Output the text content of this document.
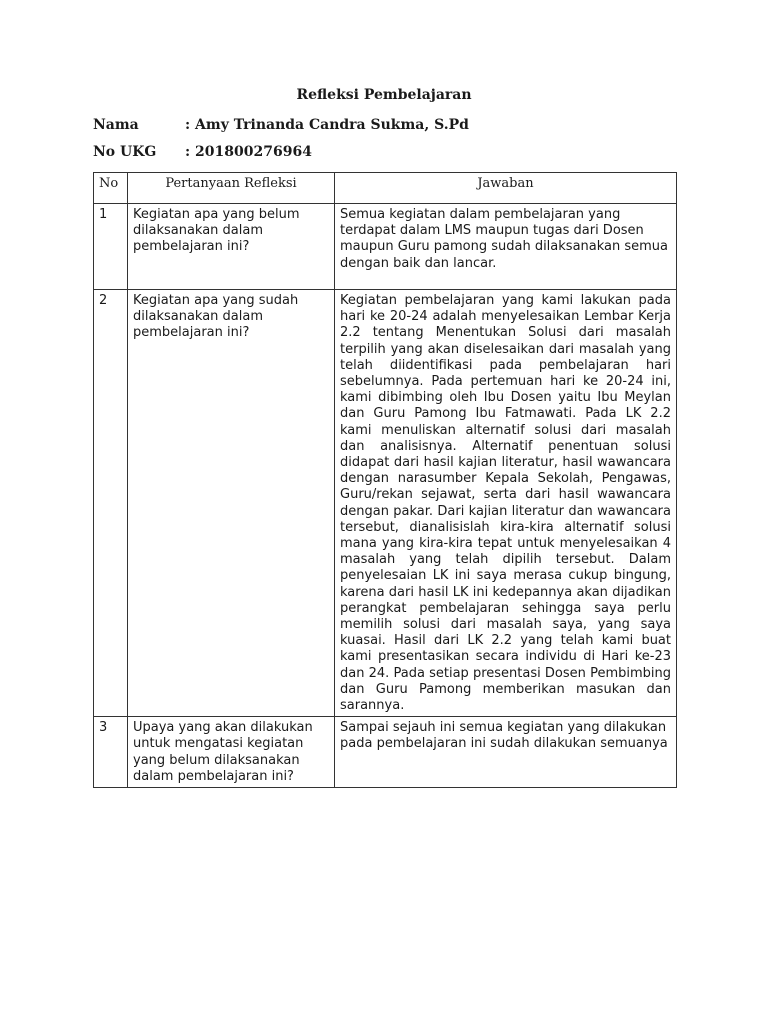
Refleksi Pembelajaran
Nama	: Amy Trinanda Candra Sukma, S.Pd
No UKG : 201800276964
No	Pertanyaan Refleksi	Jawaban
1	Kegiatan apa yang belum dilaksanakan dalam pembelajaran ini?	Semua kegiatan dalam pembelajaran yang terdapat dalam LMS maupun tugas dari Dosen maupun Guru pamong sudah dilaksanakan semua dengan baik dan lancar.
2	Kegiatan apa yang sudah dilaksanakan dalam pembelajaran ini?	Kegiatan pembelajaran yang kami lakukan pada hari ke 20-24 adalah menyelesaikan Lembar Kerja 2.2 tentang Menentukan Solusi dari masalah terpilih yang akan diselesaikan dari masalah yang telah diidentifikasi pada pembelajaran hari sebelumnya. Pada pertemuan hari ke 20-24 ini, kami dibimbing oleh Ibu Dosen yaitu Ibu Meylan dan Guru Pamong Ibu Fatmawati. Pada LK 2.2 kami menuliskan alternatif solusi dari masalah dan analisisnya. Alternatif penentuan solusi didapat dari hasil kajian literatur, hasil wawancara dengan narasumber Kepala Sekolah, Pengawas, Guru/rekan sejawat, serta dari hasil wawancara dengan pakar. Dari kajian literatur dan wawancara tersebut, dianalisislah kira-kira alternatif solusi mana yang kira-kira tepat untuk menyelesaikan 4 masalah yang telah dipilih tersebut. Dalam penyelesaian LK ini saya merasa cukup bingung, karena dari hasil LK ini kedepannya akan dijadikan perangkat pembelajaran sehingga saya perlu memilih solusi dari masalah saya, yang saya kuasai. Hasil dari LK 2.2 yang telah kami buat kami presentasikan secara individu di Hari ke-23 dan 24. Pada setiap presentasi Dosen Pembimbing dan Guru Pamong memberikan masukan dan sarannya.
3	Upaya yang akan dilakukan untuk mengatasi kegiatan yang belum dilaksanakan dalam pembelajaran ini?	Sampai sejauh ini semua kegiatan yang dilakukan pada pembelajaran ini sudah dilakukan semuanya
